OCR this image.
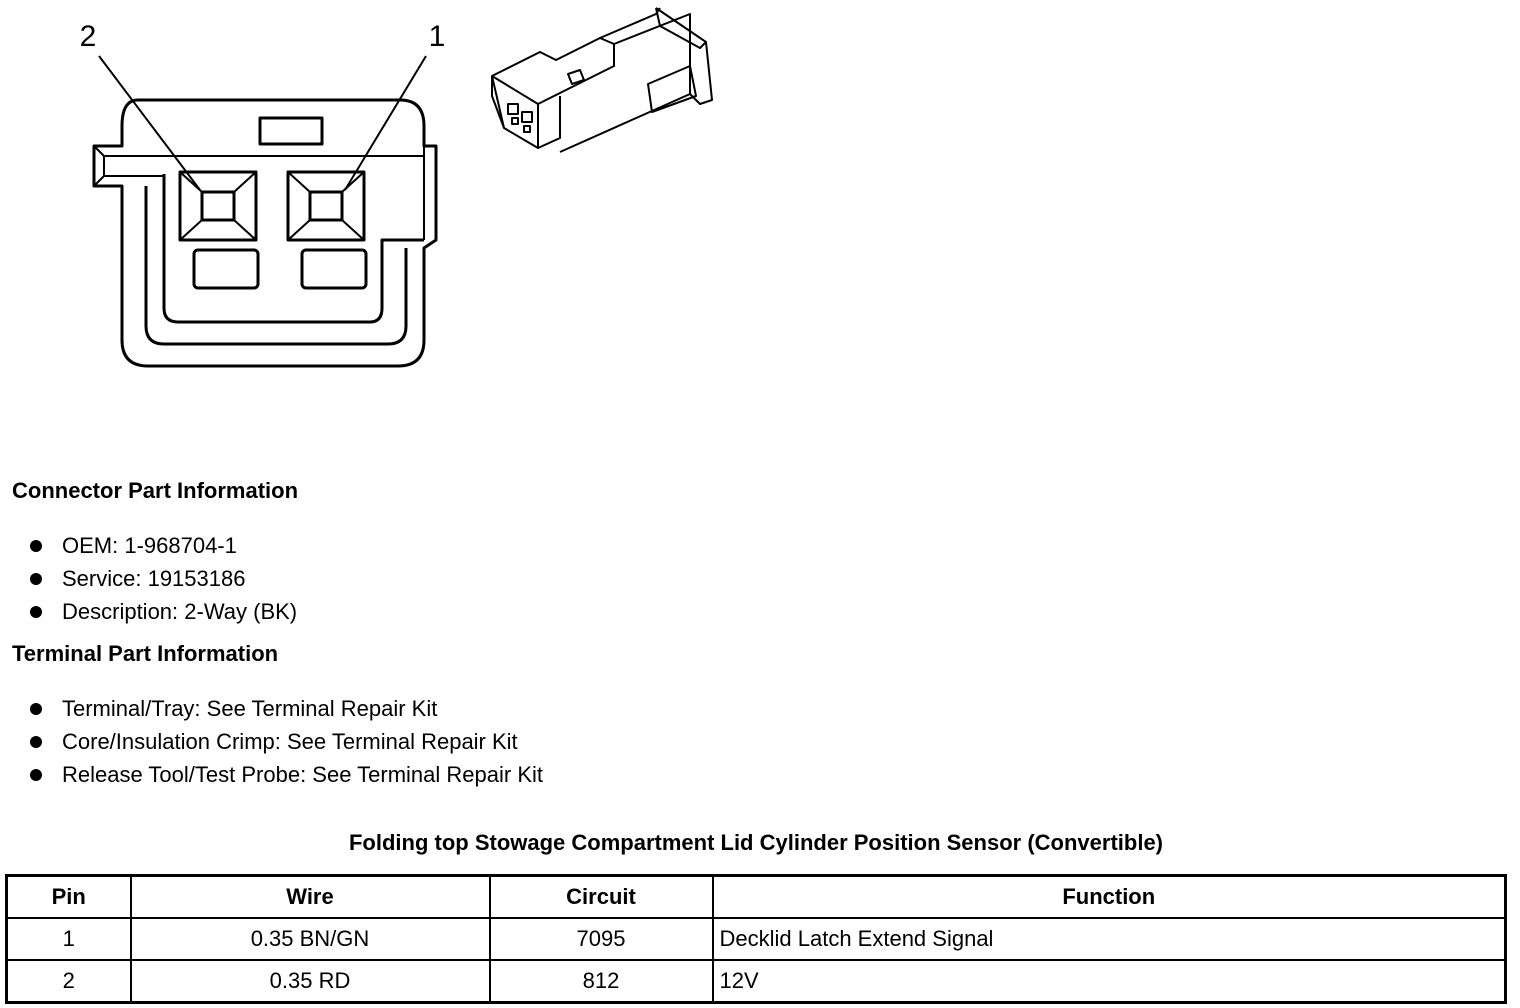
2	1
Connector Part Information
OEM: 1-968704-1
Service: 19153186
Description: 2-Way (BK)
Terminal Part Information
Terminal/Tray: See Terminal Repair Kit
Core/Insulation Crimp: See Terminal Repair Kit
Release Tool/Test Probe: See Terminal Repair Kit
Folding top Stowage Compartment Lid Cylinder Position Sensor (Convertible)
Pin	Wire	Circuit	Function
1	0.35 BN/GN	7095	Decklid Latch Extend Signal
2	0.35 RD	812	12V
